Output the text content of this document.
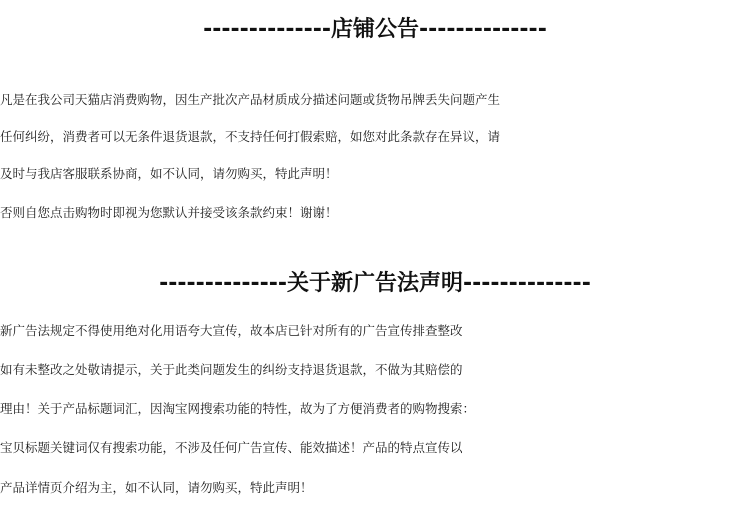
--------------店铺公告--------------
凡是在我公司天猫店消费购物，因生产批次产品材质成分描述问题或货物吊牌丢失问题产生
任何纠纷，消费者可以无条件退货退款，不支持任何打假索赔，如您对此条款存在异议，请
及时与我店客服联系协商，如不认同，请勿购买，特此声明！
否则自您点击购物时即视为您默认并接受该条款约束！谢谢！
--------------关于新广告法声明--------------
新广告法规定不得使用绝对化用语夸大宣传，故本店已针对所有的广告宣传排查整改
如有未整改之处敬请提示，关于此类问题发生的纠纷支持退货退款，不做为其赔偿的
理由！关于产品标题词汇，因淘宝网搜索功能的特性，故为了方便消费者的购物搜索：
宝贝标题关键词仅有搜索功能，不涉及任何广告宣传、能效描述！产品的特点宣传以
产品详情页介绍为主，如不认同，请勿购买，特此声明！
